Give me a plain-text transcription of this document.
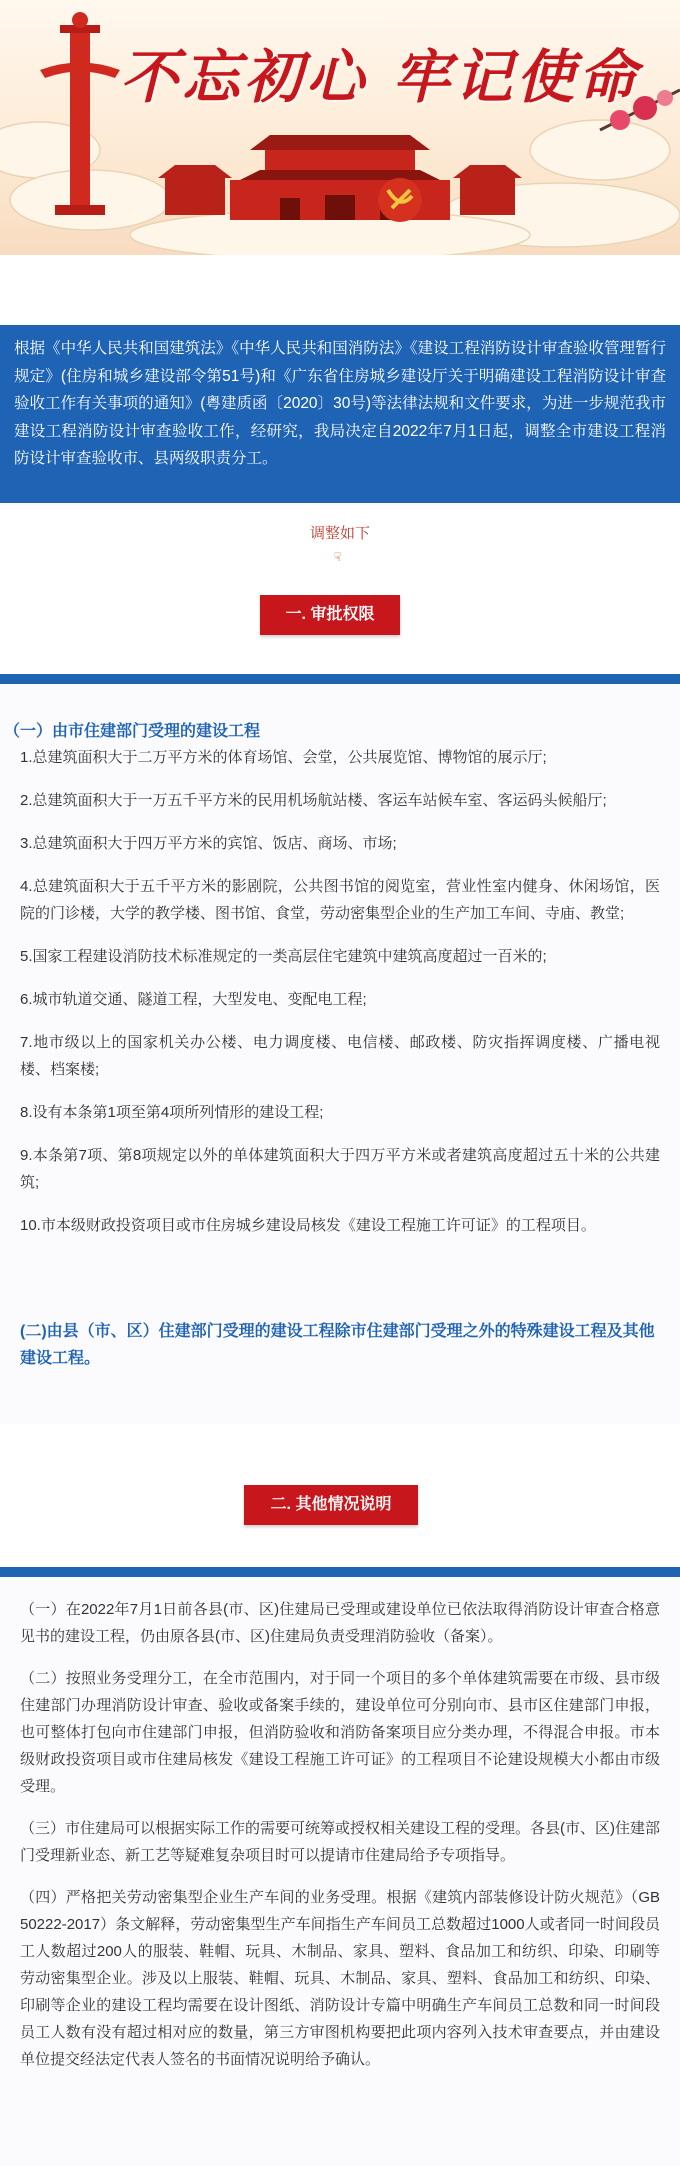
不忘初心 牢记使命

根据《中华人民共和国建筑法》《中华人民共和国消防法》《建设工程消防设计审查验收管理暂行规定》(住房和城乡建设部令第51号)和《广东省住房城乡建设厅关于明确建设工程消防设计审查验收工作有关事项的通知》(粤建质函〔2020〕30号)等法律法规和文件要求，为进一步规范我市建设工程消防设计审查验收工作，经研究，我局决定自2022年7月1日起，调整全市建设工程消防设计审查验收市、县两级职责分工。

调整如下
☟
一. 审批权限
（一）由市住建部门受理的建设工程
1.总建筑面积大于二万平方米的体育场馆、会堂，公共展览馆、博物馆的展示厅;
2.总建筑面积大于一万五千平方米的民用机场航站楼、客运车站候车室、客运码头候船厅;
3.总建筑面积大于四万平方米的宾馆、饭店、商场、市场;
4.总建筑面积大于五千平方米的影剧院，公共图书馆的阅览室，营业性室内健身、休闲场馆，医院的门诊楼，大学的教学楼、图书馆、食堂，劳动密集型企业的生产加工车间、寺庙、教堂;
5.国家工程建设消防技术标准规定的一类高层住宅建筑中建筑高度超过一百米的;
6.城市轨道交通、隧道工程，大型发电、变配电工程;
7.地市级以上的国家机关办公楼、电力调度楼、电信楼、邮政楼、防灾指挥调度楼、广播电视楼、档案楼;
8.设有本条第1项至第4项所列情形的建设工程;
9.本条第7项、第8项规定以外的单体建筑面积大于四万平方米或者建筑高度超过五十米的公共建筑;
10.市本级财政投资项目或市住房城乡建设局核发《建设工程施工许可证》的工程项目。
(二)由县（市、区）住建部门受理的建设工程除市住建部门受理之外的特殊建设工程及其他建设工程。
二. 其他情况说明
（一）在2022年7月1日前各县(市、区)住建局已受理或建设单位已依法取得消防设计审查合格意见书的建设工程，仍由原各县(市、区)住建局负责受理消防验收（备案）。
（二）按照业务受理分工，在全市范围内，对于同一个项目的多个单体建筑需要在市级、县市级住建部门办理消防设计审查、验收或备案手续的，建设单位可分别向市、县市区住建部门申报，也可整体打包向市住建部门申报，但消防验收和消防备案项目应分类办理，不得混合申报。市本级财政投资项目或市住建局核发《建设工程施工许可证》的工程项目不论建设规模大小都由市级受理。
（三）市住建局可以根据实际工作的需要可统筹或授权相关建设工程的受理。各县(市、区)住建部门受理新业态、新工艺等疑难复杂项目时可以提请市住建局给予专项指导。
（四）严格把关劳动密集型企业生产车间的业务受理。根据《建筑内部装修设计防火规范》（GB 50222-2017）条文解释，劳动密集型生产车间指生产车间员工总数超过1000人或者同一时间段员工人数超过200人的服装、鞋帽、玩具、木制品、家具、塑料、食品加工和纺织、印染、印刷等劳动密集型企业。涉及以上服装、鞋帽、玩具、木制品、家具、塑料、食品加工和纺织、印染、印刷等企业的建设工程均需要在设计图纸、消防设计专篇中明确生产车间员工总数和同一时间段员工人数有没有超过相对应的数量，第三方审图机构要把此项内容列入技术审查要点，并由建设单位提交经法定代表人签名的书面情况说明给予确认。
